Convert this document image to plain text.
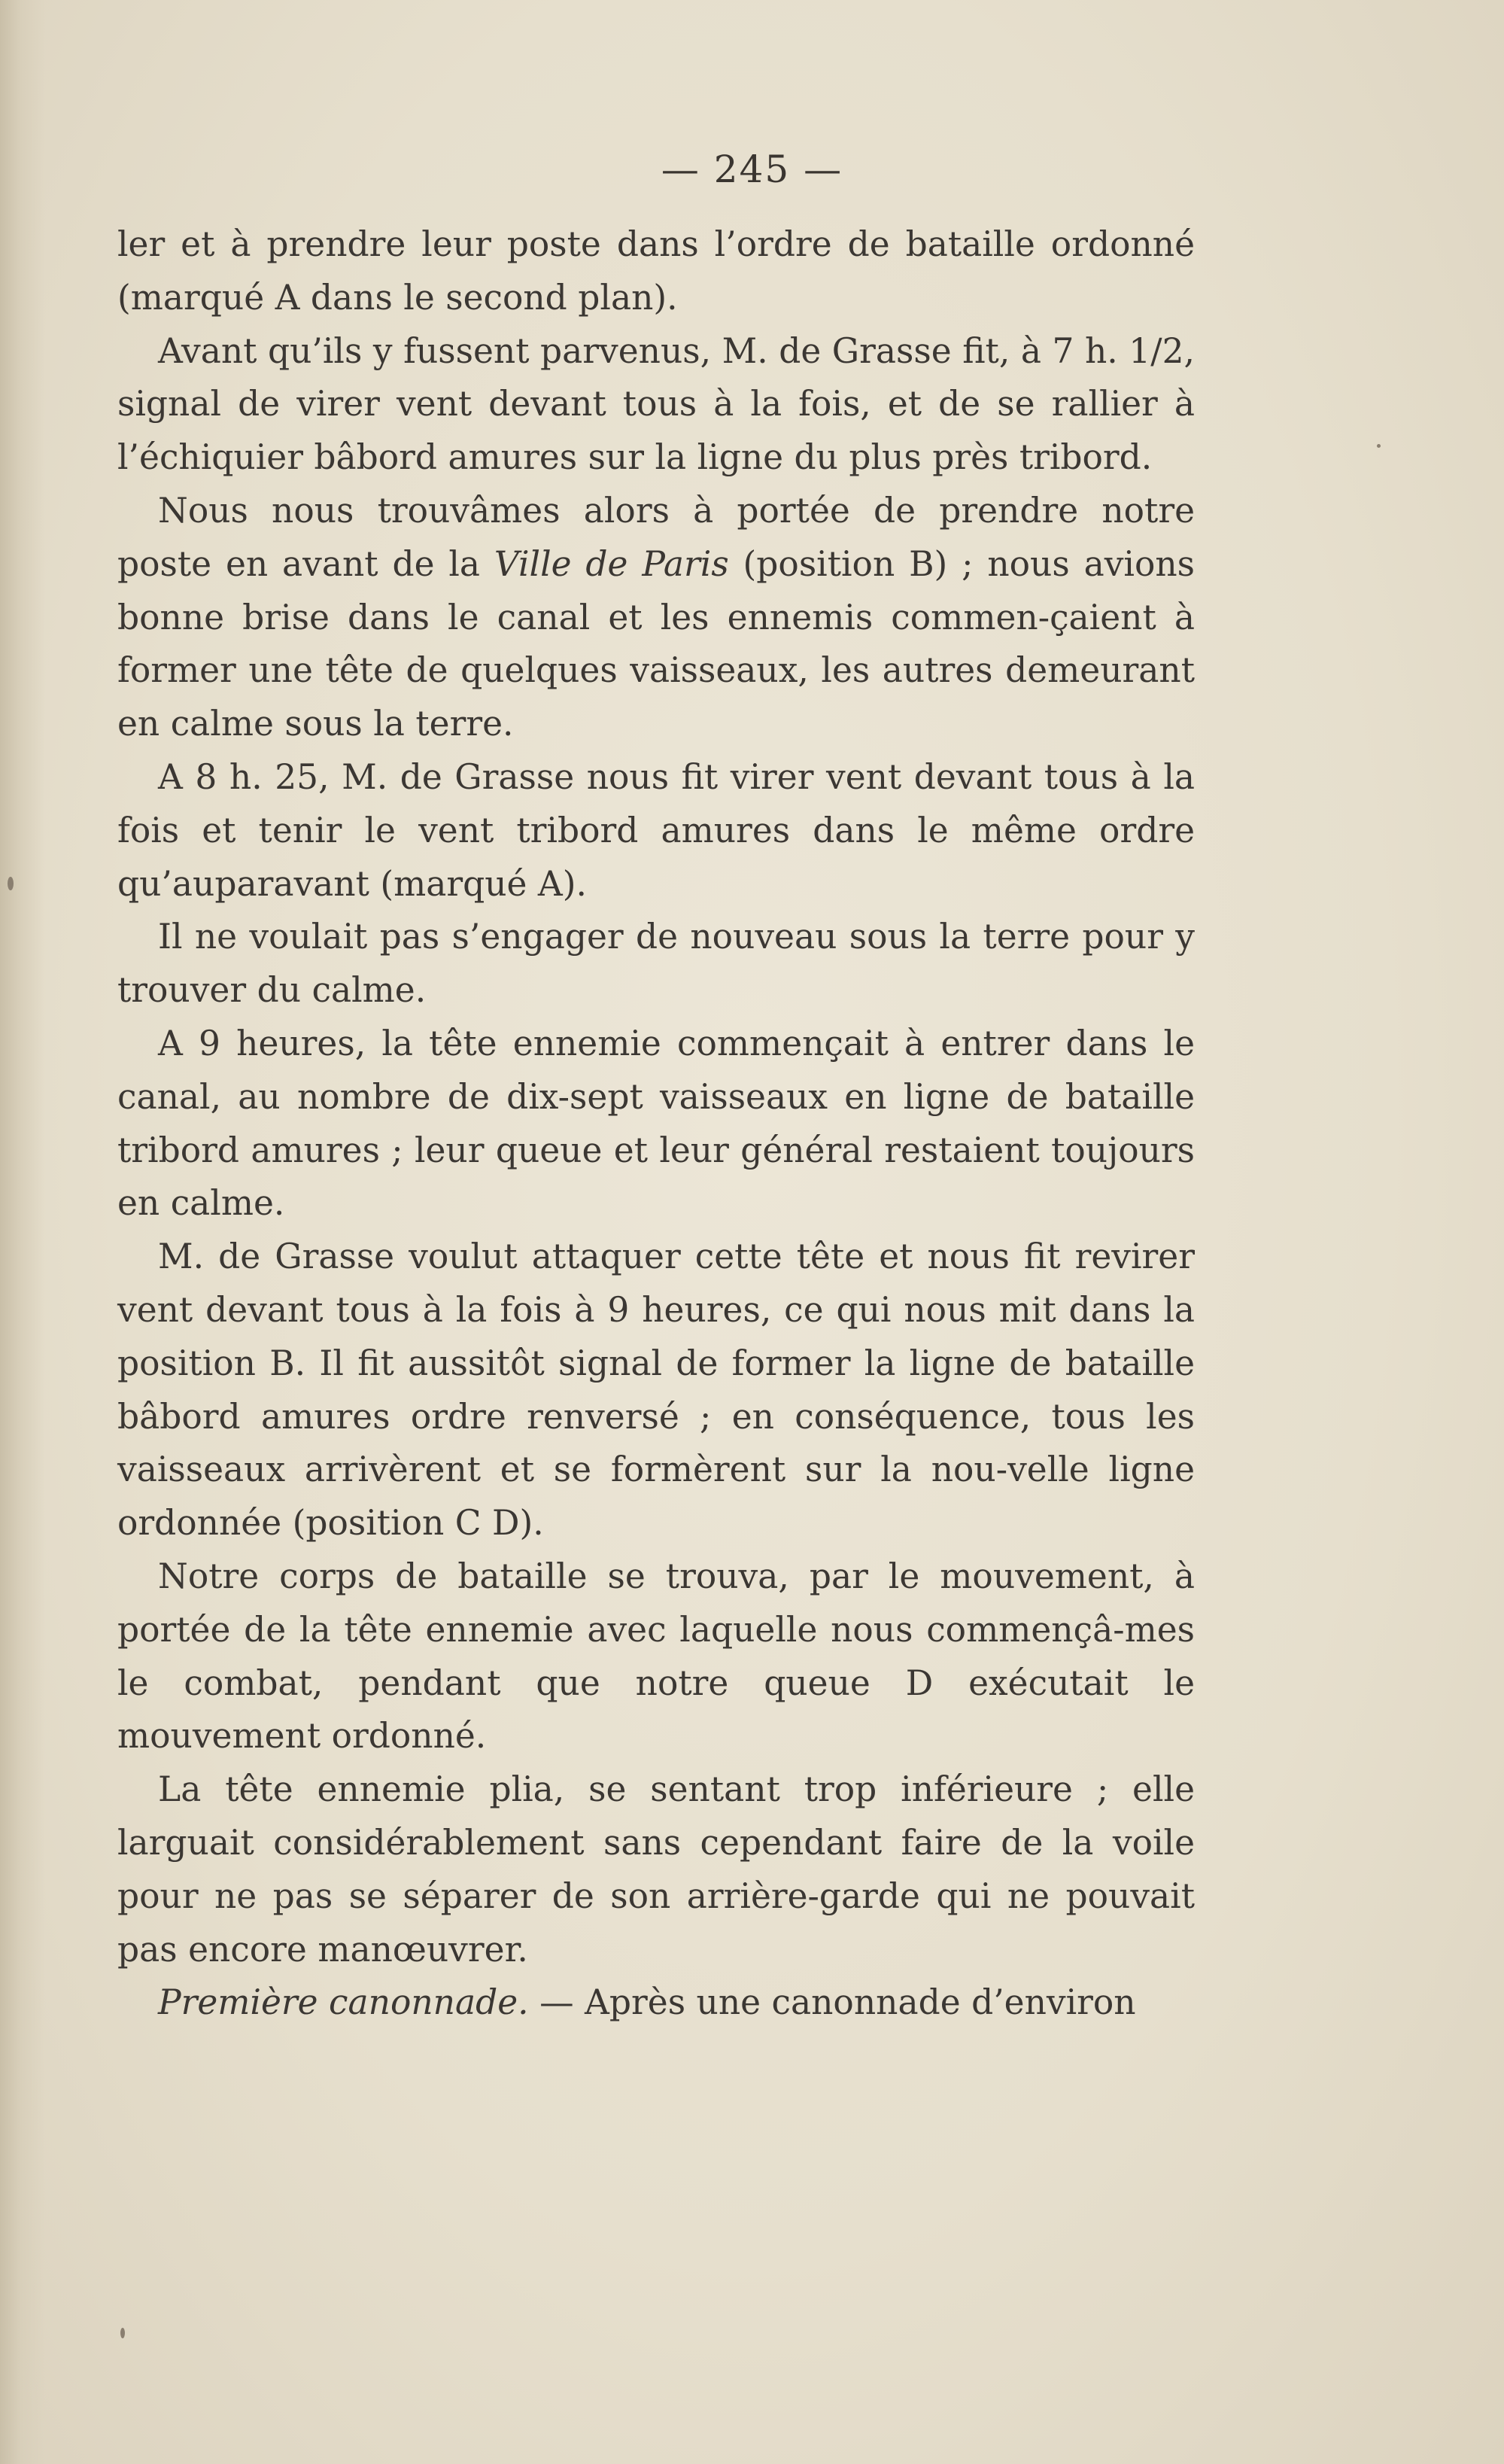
— 245 —

ler et à prendre leur poste dans l’ordre de bataille ordonné (marqué A dans le second plan).

Avant qu’ils y fussent parvenus, M. de Grasse fit, à 7 h. 1/2, signal de virer vent devant tous à la fois, et de se rallier à l’échiquier bâbord amures sur la ligne du plus près tribord.

Nous nous trouvâmes alors à portée de prendre notre poste en avant de la Ville de Paris (position B) ; nous avions bonne brise dans le canal et les ennemis commen-çaient à former une tête de quelques vaisseaux, les autres demeurant en calme sous la terre.

A 8 h. 25, M. de Grasse nous fit virer vent devant tous à la fois et tenir le vent tribord amures dans le même ordre qu’auparavant (marqué A).

Il ne voulait pas s’engager de nouveau sous la terre pour y trouver du calme.

A 9 heures, la tête ennemie commençait à entrer dans le canal, au nombre de dix-sept vaisseaux en ligne de bataille tribord amures ; leur queue et leur général restaient toujours en calme.

M. de Grasse voulut attaquer cette tête et nous fit revirer vent devant tous à la fois à 9 heures, ce qui nous mit dans la position B. Il fit aussitôt signal de former la ligne de bataille bâbord amures ordre renversé ; en conséquence, tous les vaisseaux arrivèrent et se formèrent sur la nou-velle ligne ordonnée (position C D).

Notre corps de bataille se trouva, par le mouvement, à portée de la tête ennemie avec laquelle nous commençâ-mes le combat, pendant que notre queue D exécutait le mouvement ordonné.

La tête ennemie plia, se sentant trop inférieure ; elle larguait considérablement sans cependant faire de la voile pour ne pas se séparer de son arrière-garde qui ne pouvait pas encore manœuvrer.

Première canonnade. — Après une canonnade d’environ
